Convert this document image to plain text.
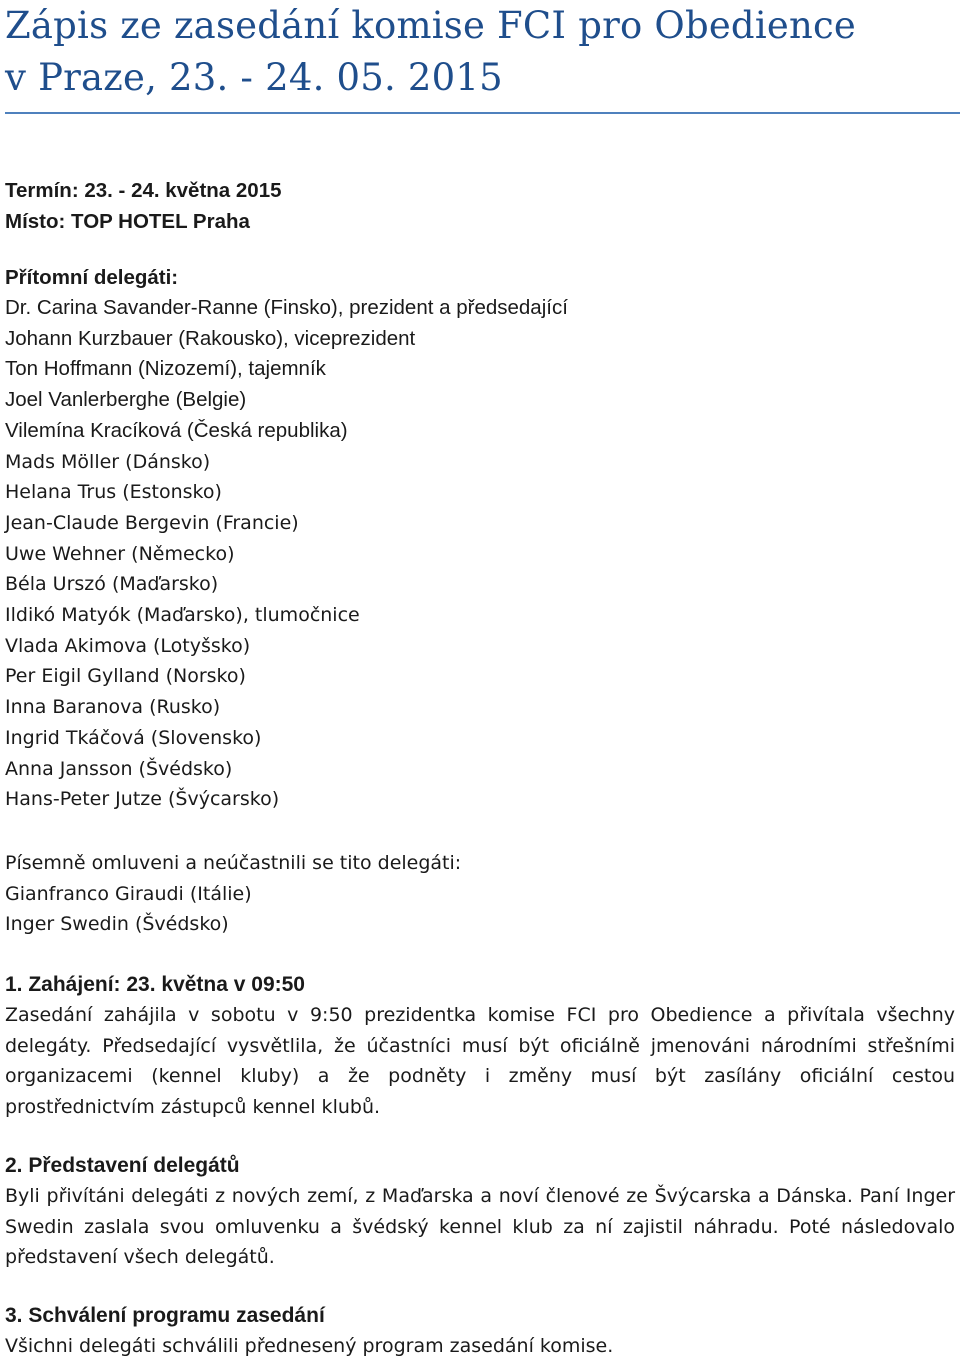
Zápis ze zasedání komise FCI pro Obedience
v Praze, 23. - 24. 05. 2015
Termín: 23. - 24. května 2015
Místo: TOP HOTEL Praha
Přítomní delegáti:
Dr. Carina Savander-Ranne (Finsko), prezident a předsedající
Johann Kurzbauer (Rakousko), viceprezident
Ton Hoffmann (Nizozemí), tajemník
Joel Vanlerberghe (Belgie)
Vilemína Kracíková (Česká republika)
Mads Möller (Dánsko)
Helana Trus (Estonsko)
Jean-Claude Bergevin (Francie)
Uwe Wehner (Německo)
Béla Urszó (Maďarsko)
Ildikó Matyók (Maďarsko), tlumočnice
Vlada Akimova (Lotyšsko)
Per Eigil Gylland (Norsko)
Inna Baranova (Rusko)
Ingrid Tkáčová (Slovensko)
Anna Jansson (Švédsko)
Hans-Peter Jutze (Švýcarsko)
Písemně omluveni a neúčastnili se tito delegáti:
Gianfranco Giraudi (Itálie)
Inger Swedin (Švédsko)
1. Zahájení: 23. května v 09:50

Zasedání zahájila v sobotu v 9:50 prezidentka komise FCI pro Obedience a přivítala všechny delegáty. Předsedající vysvětlila, že účastníci musí být oficiálně jmenováni národními střešními organizacemi (kennel kluby) a že podněty i změny musí být zasílány oficiální cestou prostřednictvím zástupců kennel klubů.

2. Představení delegátů

Byli přivítáni delegáti z nových zemí, z Maďarska a noví členové ze Švýcarska a Dánska. Paní Inger Swedin zaslala svou omluvenku a švédský kennel klub za ní zajistil náhradu. Poté následovalo představení všech delegátů.

3. Schválení programu zasedání

Všichni delegáti schválili přednesený program zasedání komise.
